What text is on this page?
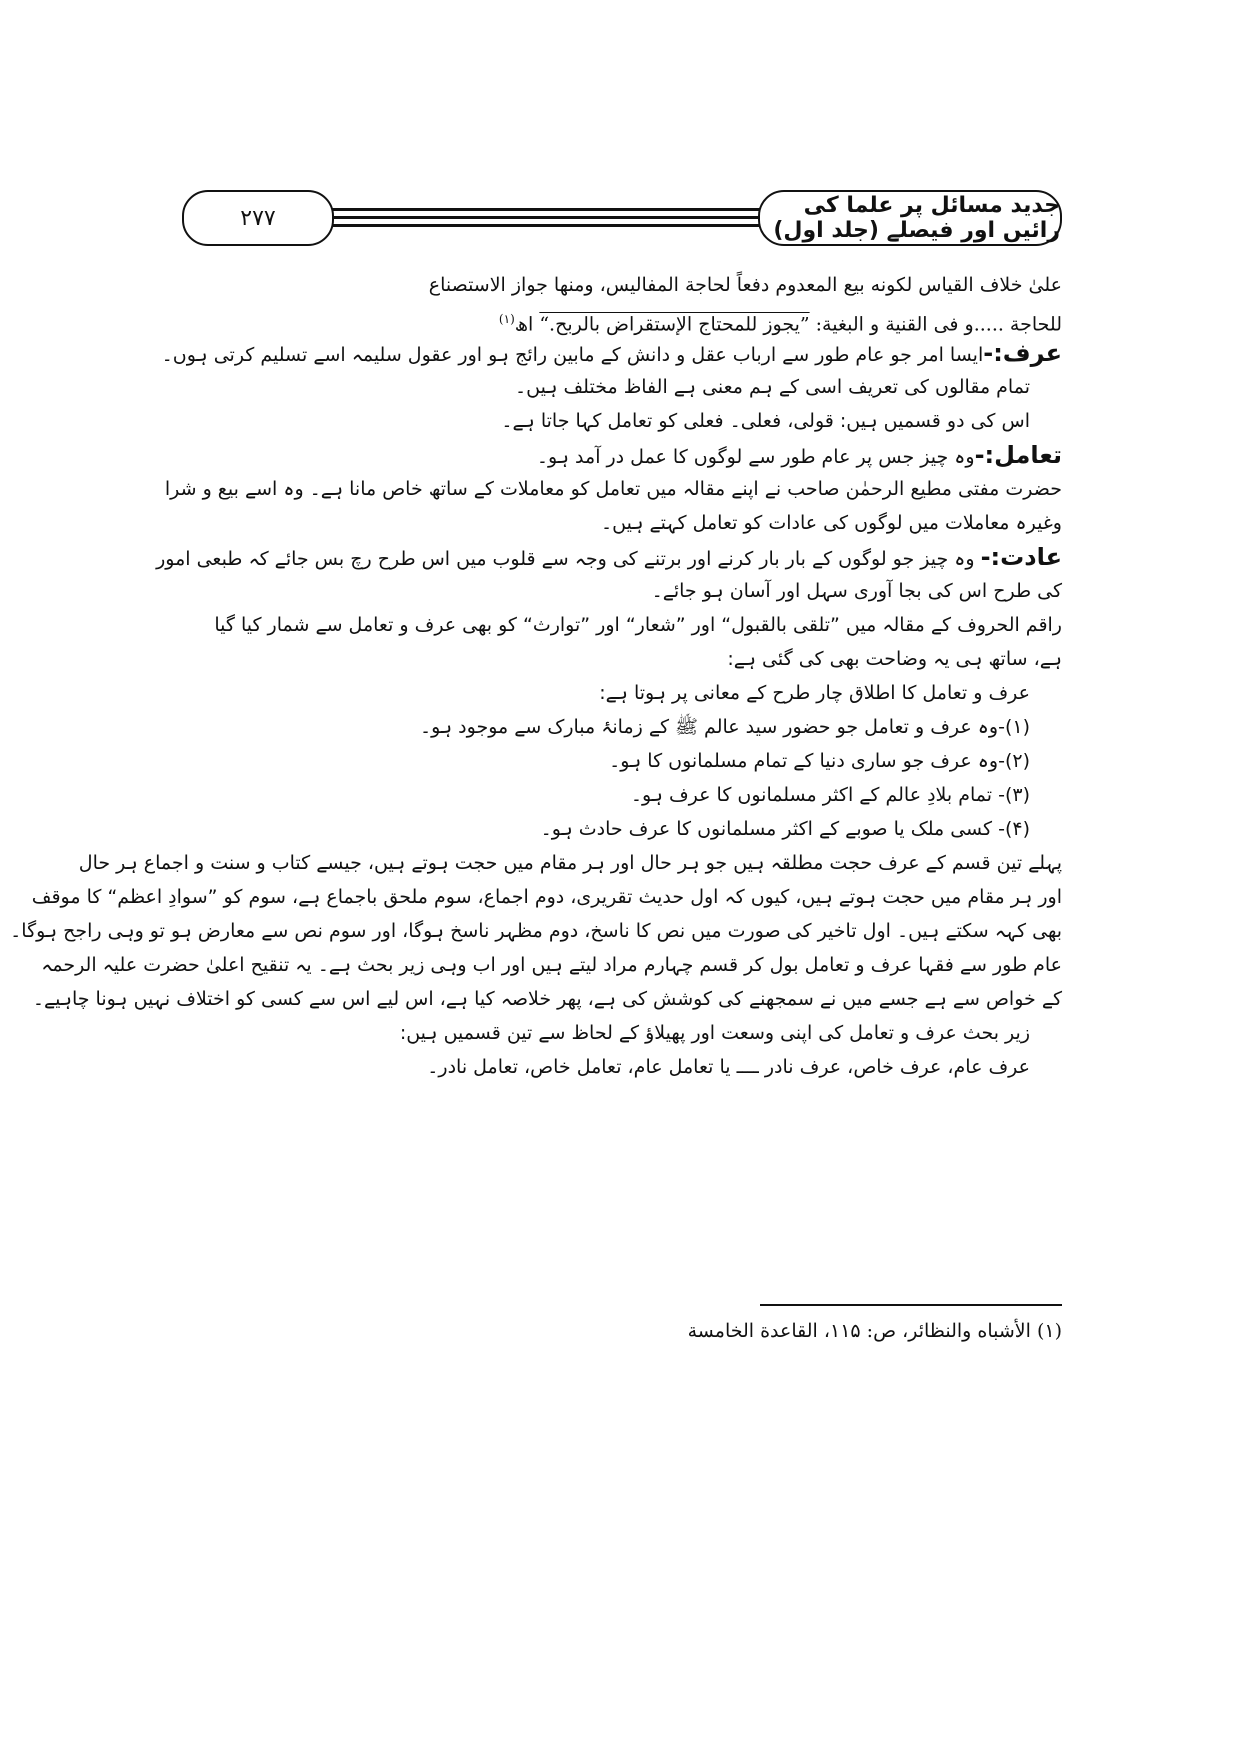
۲۷۷	جدید مسائل پر علما کی رائیں اور فیصلے (جلد اول)
علیٰ خلاف القیاس لکونه بیع المعدوم دفعاً لحاجة المفالیس، ومنها جواز الاستصناع
للحاجة .....و فی القنیة و البغیة: ”یجوز للمحتاج الإستقراض بالربح.“ اھ$^{(۱)}$
عرف:-ایسا امر جو عام طور سے ارباب عقل و دانش کے مابین رائج ہو اور عقول سلیمہ اسے تسلیم کرتی ہوں۔
تمام مقالوں کی تعریف اسی کے ہم معنی ہے الفاظ مختلف ہیں۔
اس کی دو قسمیں ہیں: قولی، فعلی۔ فعلی کو تعامل کہا جاتا ہے۔
تعامل:-وہ چیز جس پر عام طور سے لوگوں کا عمل در آمد ہو۔
حضرت مفتی مطیع الرحمٰن صاحب نے اپنے مقالہ میں تعامل کو معاملات کے ساتھ خاص مانا ہے۔ وہ اسے بیع و شرا
وغیرہ معاملات میں لوگوں کی عادات کو تعامل کہتے ہیں۔
عادت:- وہ چیز جو لوگوں کے بار بار کرنے اور برتنے کی وجہ سے قلوب میں اس طرح رچ بس جائے کہ طبعی امور
کی طرح اس کی بجا آوری سہل اور آسان ہو جائے۔
راقم الحروف کے مقالہ میں ”تلقی بالقبول“ اور ”شعار“ اور ”توارث“ کو بھی عرف و تعامل سے شمار کیا گیا
ہے، ساتھ ہی یہ وضاحت بھی کی گئی ہے:
عرف و تعامل کا اطلاق چار طرح کے معانی پر ہوتا ہے:
(۱)-وہ عرف و تعامل جو حضور سید عالم ﷺ کے زمانۂ مبارک سے موجود ہو۔
(۲)-وہ عرف جو ساری دنیا کے تمام مسلمانوں کا ہو۔
(۳)- تمام بلادِ عالم کے اکثر مسلمانوں کا عرف ہو۔
(۴)- کسی ملک یا صوبے کے اکثر مسلمانوں کا عرف حادث ہو۔
پہلے تین قسم کے عرف حجت مطلقہ ہیں جو ہر حال اور ہر مقام میں حجت ہوتے ہیں، جیسے کتاب و سنت و اجماع ہر حال
اور ہر مقام میں حجت ہوتے ہیں، کیوں کہ اول حدیث تقریری، دوم اجماع، سوم ملحق باجماع ہے، سوم کو ”سوادِ اعظم“ کا موقف
بھی کہہ سکتے ہیں۔ اول تاخیر کی صورت میں نص کا ناسخ، دوم مظہر ناسخ ہوگا، اور سوم نص سے معارض ہو تو وہی راجح ہوگا۔
عام طور سے فقہا عرف و تعامل بول کر قسم چہارم مراد لیتے ہیں اور اب وہی زیر بحث ہے۔ یہ تنقیح اعلیٰ حضرت علیہ الرحمہ
کے خواص سے ہے جسے میں نے سمجھنے کی کوشش کی ہے، پھر خلاصہ کیا ہے، اس لیے اس سے کسی کو اختلاف نہیں ہونا چاہیے۔
زیر بحث عرف و تعامل کی اپنی وسعت اور پھیلاؤ کے لحاظ سے تین قسمیں ہیں:
عرف عام، عرف خاص، عرف نادر ــــ یا تعامل عام، تعامل خاص، تعامل نادر۔
(۱) الأشباه والنظائر، ص: ۱۱۵، القاعدة الخامسة
